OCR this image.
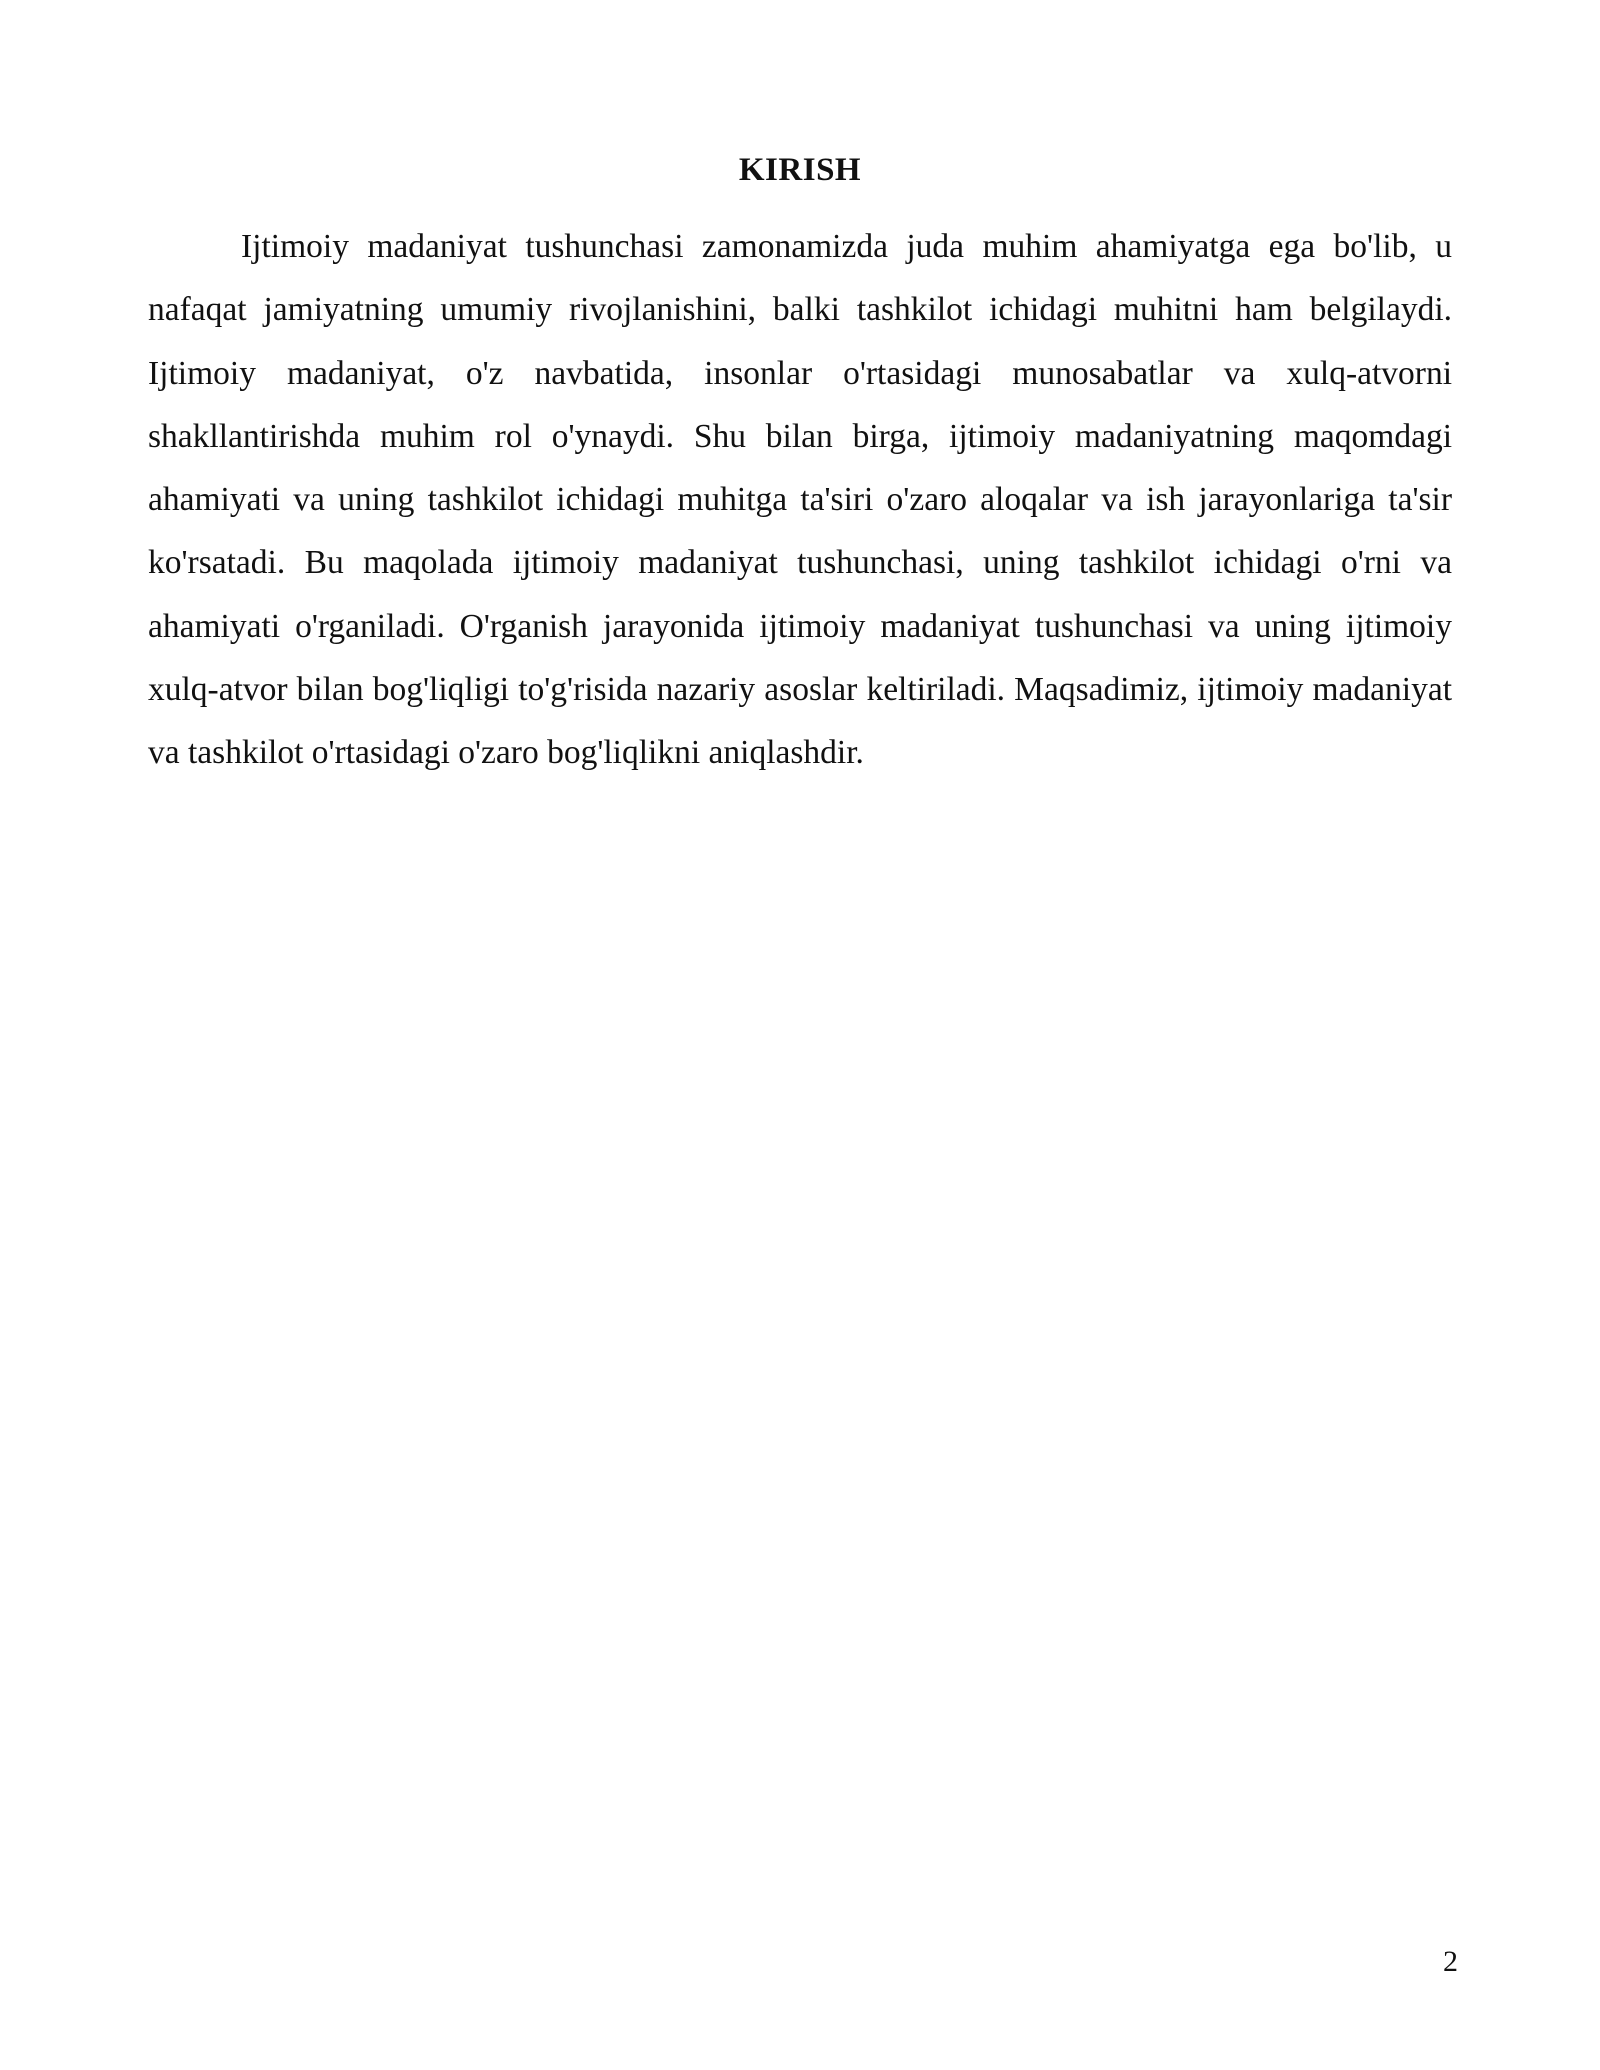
KIRISH

Ijtimoiy madaniyat tushunchasi zamonamizda juda muhim ahamiyatga ega bo'lib, u nafaqat jamiyatning umumiy rivojlanishini, balki tashkilot ichidagi muhitni ham belgilaydi. Ijtimoiy madaniyat, o'z navbatida, insonlar o'rtasidagi munosabatlar va xulq-atvorni shakllantirishda muhim rol o'ynaydi. Shu bilan birga, ijtimoiy madaniyatning maqomdagi ahamiyati va uning tashkilot ichidagi muhitga ta'siri o'zaro aloqalar va ish jarayonlariga ta'sir ko'rsatadi. Bu maqolada ijtimoiy madaniyat tushunchasi, uning tashkilot ichidagi o'rni va ahamiyati o'rganiladi. O'rganish jarayonida ijtimoiy madaniyat tushunchasi va uning ijtimoiy xulq-atvor bilan bog'liqligi to'g'risida nazariy asoslar keltiriladi. Maqsadimiz, ijtimoiy madaniyat va tashkilot o'rtasidagi o'zaro bog'liqlikni aniqlashdir.

2
